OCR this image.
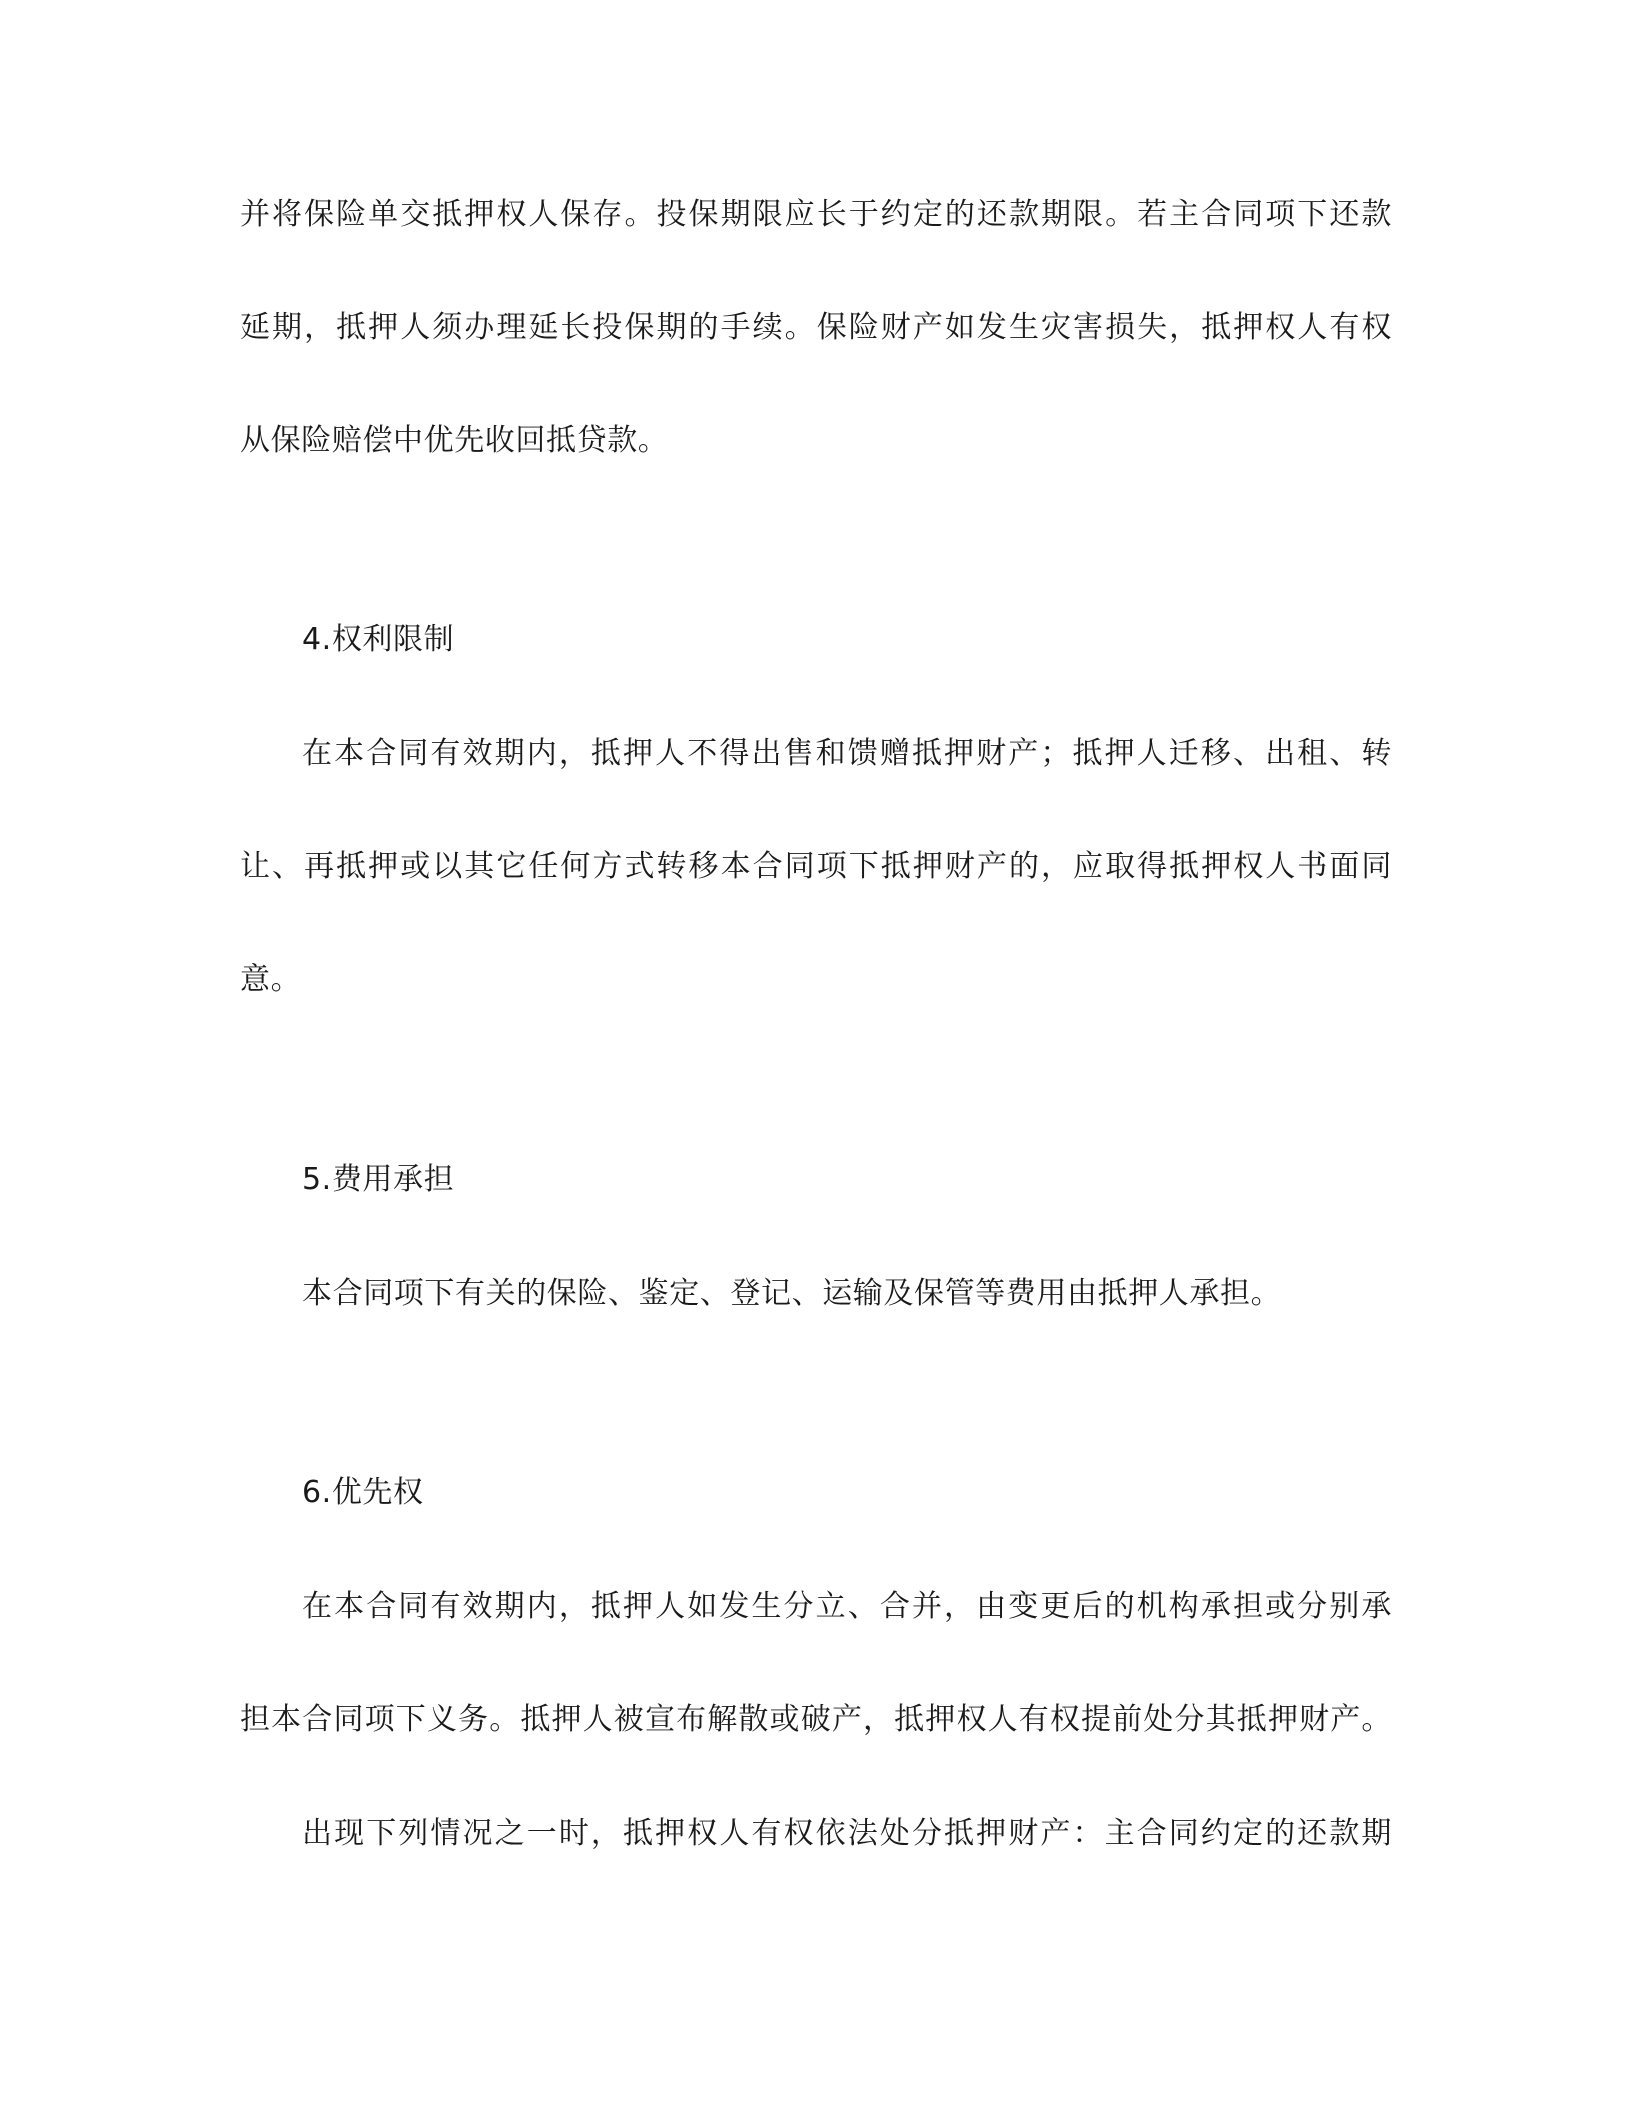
并将保险单交抵押权人保存。投保期限应长于约定的还款期限。若主合同项下还款
延期，抵押人须办理延长投保期的手续。保险财产如发生灾害损失，抵押权人有权
从保险赔偿中优先收回抵贷款。
4.权利限制
在本合同有效期内，抵押人不得出售和馈赠抵押财产；抵押人迁移、出租、转
让、再抵押或以其它任何方式转移本合同项下抵押财产的，应取得抵押权人书面同
意。
5.费用承担
本合同项下有关的保险、鉴定、登记、运输及保管等费用由抵押人承担。
6.优先权
在本合同有效期内，抵押人如发生分立、合并，由变更后的机构承担或分别承
担本合同项下义务。抵押人被宣布解散或破产，抵押权人有权提前处分其抵押财产。
出现下列情况之一时，抵押权人有权依法处分抵押财产：主合同约定的还款期
